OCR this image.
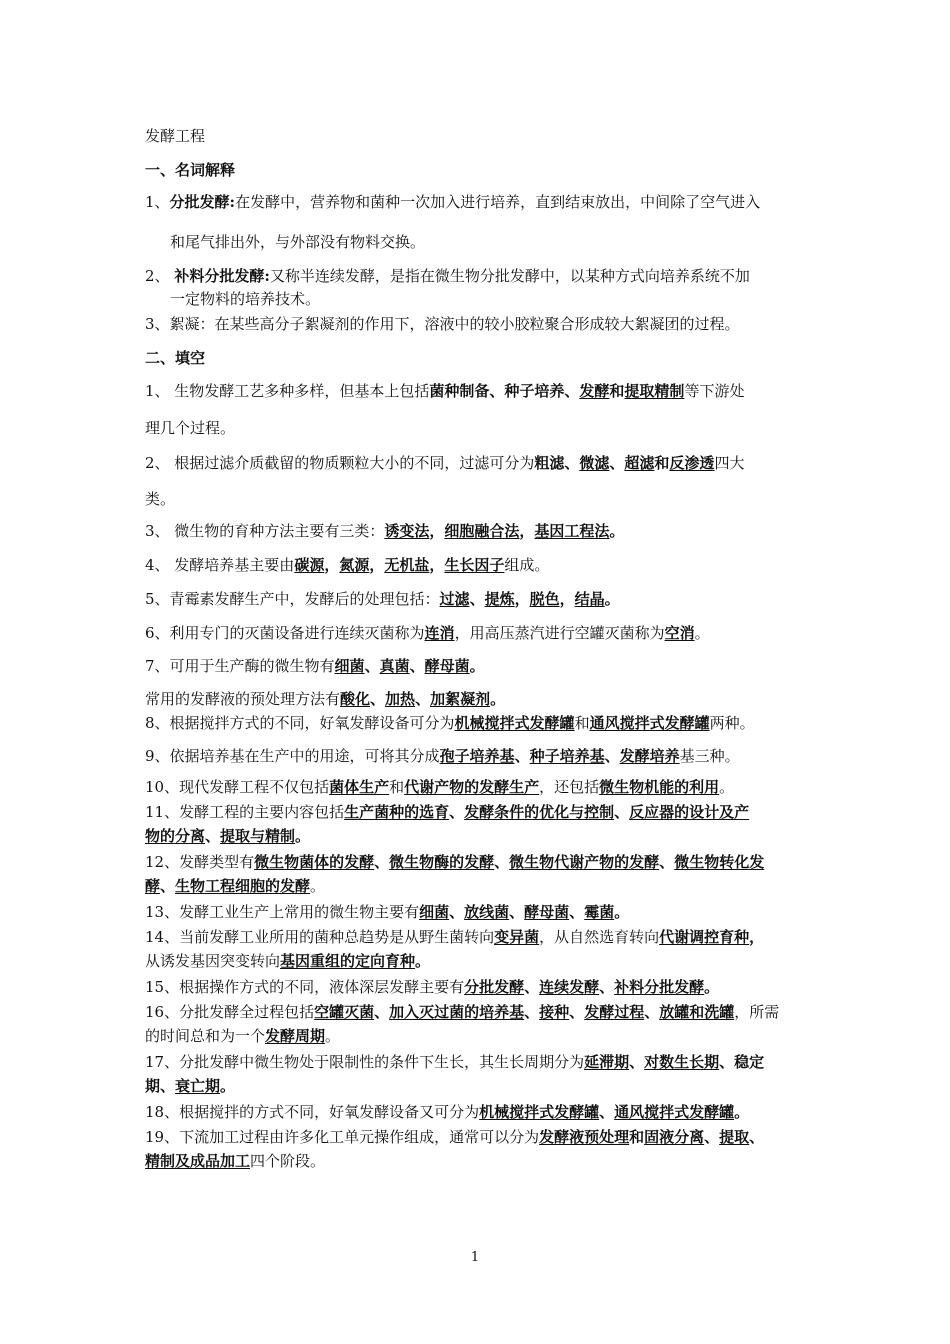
发酵工程
一、名词解释
1、分批发酵:在发酵中，营养物和菌种一次加入进行培养，直到结束放出，中间除了空气进入
和尾气排出外，与外部没有物料交换。
2、 补料分批发酵:又称半连续发酵，是指在微生物分批发酵中，以某种方式向培养系统不加
一定物料的培养技术。
3、絮凝：在某些高分子絮凝剂的作用下，溶液中的较小胶粒聚合形成较大絮凝团的过程。
二、填空
1、 生物发酵工艺多种多样，但基本上包括菌种制备、种子培养、发酵和提取精制等下游处
理几个过程。
2、 根据过滤介质截留的物质颗粒大小的不同，过滤可分为粗滤、微滤、超滤和反渗透四大
类。
3、 微生物的育种方法主要有三类：诱变法，细胞融合法，基因工程法。
4、 发酵培养基主要由碳源，氮源，无机盐，生长因子组成。
5、青霉素发酵生产中，发酵后的处理包括：过滤、提炼，脱色，结晶。
6、利用专门的灭菌设备进行连续灭菌称为连消，用高压蒸汽进行空罐灭菌称为空消。
7、可用于生产酶的微生物有细菌、真菌、酵母菌。
常用的发酵液的预处理方法有酸化、加热、加絮凝剂。
8、根据搅拌方式的不同，好氧发酵设备可分为机械搅拌式发酵罐和通风搅拌式发酵罐两种。
9、依据培养基在生产中的用途，可将其分成孢子培养基、种子培养基、发酵培养基三种。
10、现代发酵工程不仅包括菌体生产和代谢产物的发酵生产，还包括微生物机能的利用。
11、发酵工程的主要内容包括生产菌种的选育、发酵条件的优化与控制、反应器的设计及产
物的分离、提取与精制。
12、发酵类型有微生物菌体的发酵、微生物酶的发酵、微生物代谢产物的发酵、微生物转化发
酵、生物工程细胞的发酵。
13、发酵工业生产上常用的微生物主要有细菌、放线菌、酵母菌、霉菌。
14、当前发酵工业所用的菌种总趋势是从野生菌转向变异菌，从自然选育转向代谢调控育种，
从诱发基因突变转向基因重组的定向育种。
15、根据操作方式的不同，液体深层发酵主要有分批发酵、连续发酵、补料分批发酵。
16、分批发酵全过程包括空罐灭菌、加入灭过菌的培养基、接种、发酵过程、放罐和洗罐，所需
的时间总和为一个发酵周期。
17、分批发酵中微生物处于限制性的条件下生长，其生长周期分为延滞期、对数生长期、稳定
期、衰亡期。
18、根据搅拌的方式不同，好氧发酵设备又可分为机械搅拌式发酵罐、通风搅拌式发酵罐。
19、下流加工过程由许多化工单元操作组成，通常可以分为发酵液预处理和固液分离、提取、
精制及成品加工四个阶段。
1
